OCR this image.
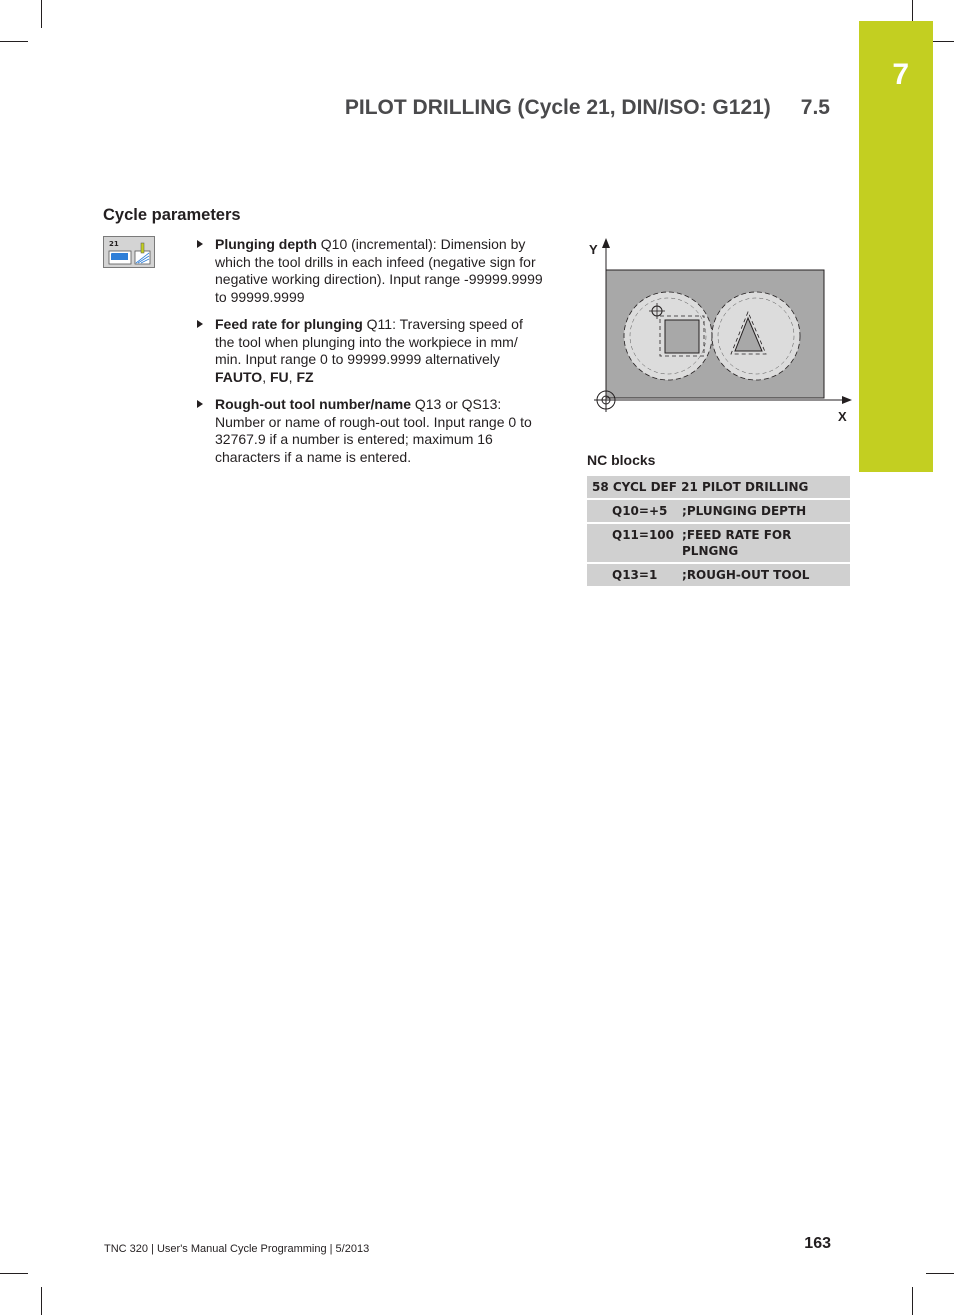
7
PILOT DRILLING (Cycle 21, DIN/ISO: G121) 7.5
Cycle parameters
21	Plunging depth Q10 (incremental): Dimension by which the tool drills in each infeed (negative sign for negative working direction). Input range -99999.9999 to 99999.9999
Feed rate for plunging Q11: Traversing speed of the tool when plunging into the workpiece in mm/ min. Input range 0 to 99999.9999 alternatively FAUTO, FU, FZ
Rough-out tool number/name Q13 or QS13: Number or name of rough-out tool. Input range 0 to 32767.9 if a number is entered; maximum 16 characters if a name is entered.
Y
X
NC blocks
58 CYCL DEF 21 PILOT DRILLING	
Q10=+5	;PLUNGING DEPTH
Q11=100	;FEED RATE FOR PLNGNG
Q13=1	;ROUGH-OUT TOOL
TNC 320 | User's Manual Cycle Programming | 5/2013	163
